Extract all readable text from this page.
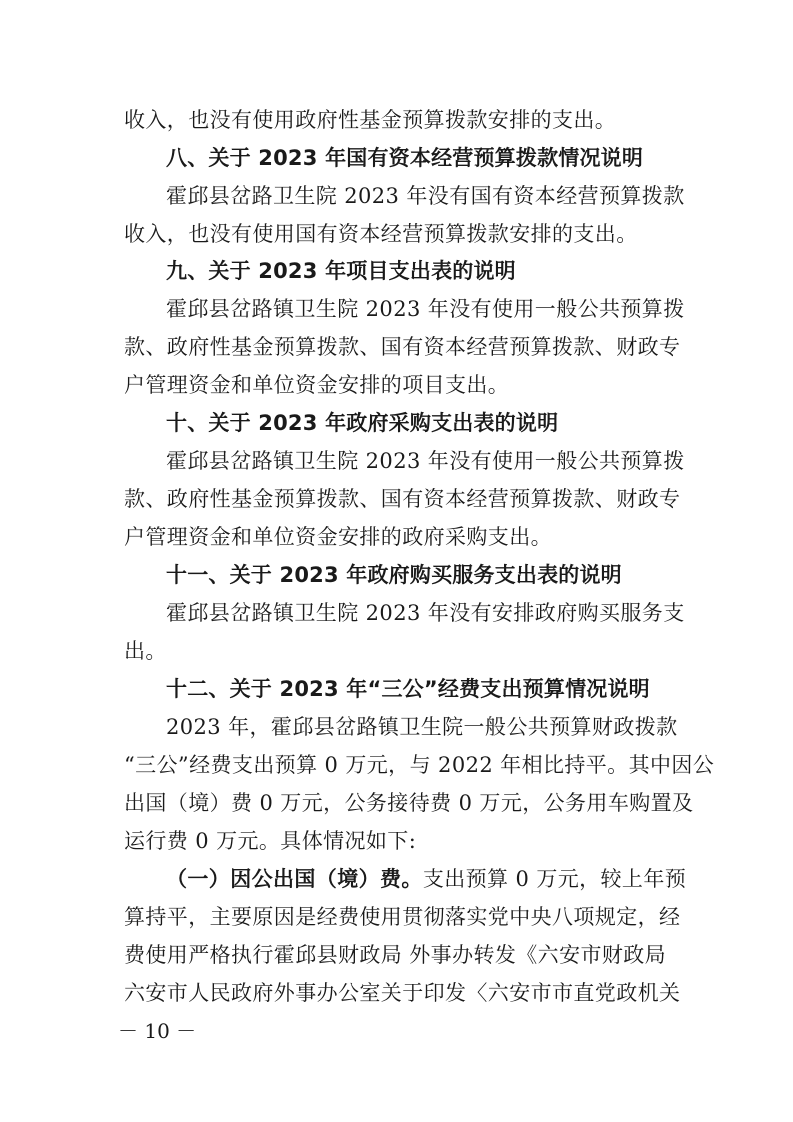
收入，也没有使用政府性基金预算拨款安排的支出。
八、关于 2023 年国有资本经营预算拨款情况说明
霍邱县岔路卫生院 2023 年没有国有资本经营预算拨款
收入，也没有使用国有资本经营预算拨款安排的支出。
九、关于 2023 年项目支出表的说明
霍邱县岔路镇卫生院 2023 年没有使用一般公共预算拨
款、政府性基金预算拨款、国有资本经营预算拨款、财政专
户管理资金和单位资金安排的项目支出。
十、关于 2023 年政府采购支出表的说明
霍邱县岔路镇卫生院 2023 年没有使用一般公共预算拨
款、政府性基金预算拨款、国有资本经营预算拨款、财政专
户管理资金和单位资金安排的政府采购支出。
十一、关于 2023 年政府购买服务支出表的说明
霍邱县岔路镇卫生院 2023 年没有安排政府购买服务支
出。
十二、关于 2023 年“三公”经费支出预算情况说明
2023 年，霍邱县岔路镇卫生院一般公共预算财政拨款
“三公”经费支出预算 0 万元，与 2022 年相比持平。其中因公
出国（境）费 0 万元，公务接待费 0 万元，公务用车购置及
运行费 0 万元。具体情况如下:
（一）因公出国（境）费。支出预算 0 万元，较上年预
算持平，主要原因是经费使用贯彻落实党中央八项规定，经
费使用严格执行霍邱县财政局 外事办转发《六安市财政局
六安市人民政府外事办公室关于印发〈六安市市直党政机关
－ 10 －
